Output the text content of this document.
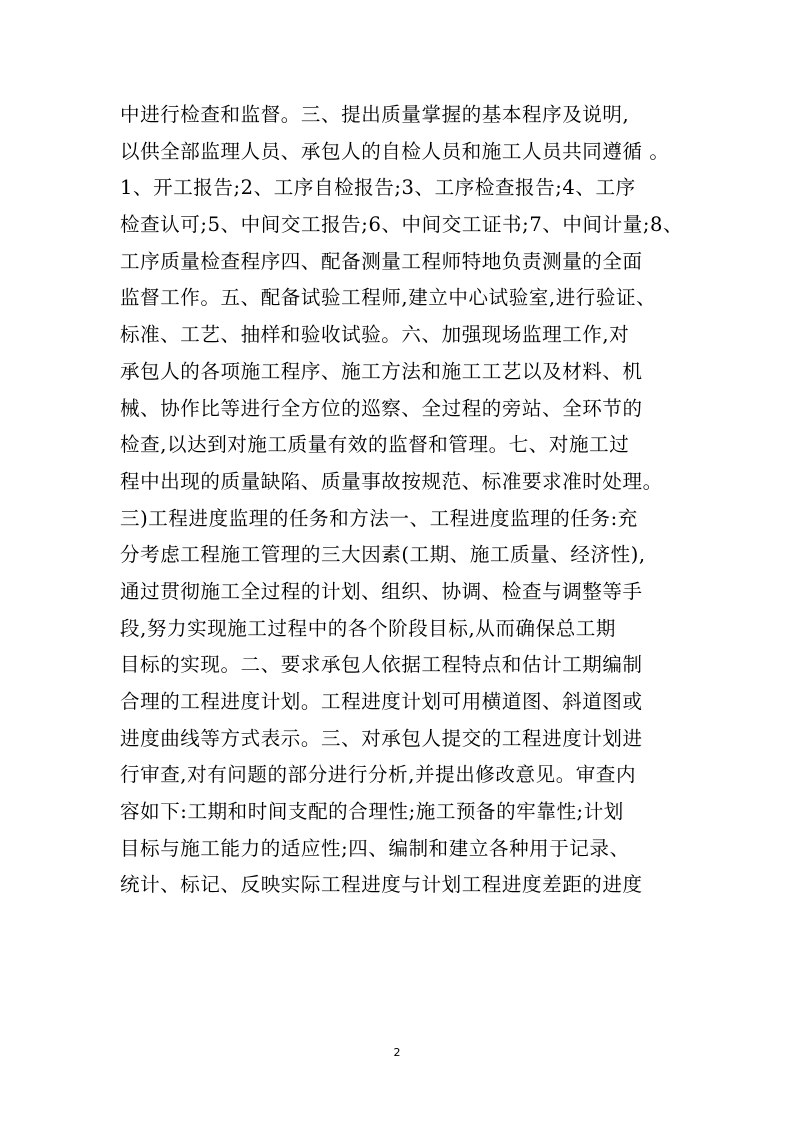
中进行检查和监督。三、提出质量掌握的基本程序及说明,
以供全部监理人员、承包人的自检人员和施工人员共同遵循 。
1、开工报告;2、工序自检报告;3、工序检查报告;4、工序
检查认可;5、中间交工报告;6、中间交工证书;7、中间计量;8、
工序质量检查程序四、配备测量工程师特地负责测量的全面
监督工作。五、配备试验工程师,建立中心试验室,进行验证、
标准、工艺、抽样和验收试验。六、加强现场监理工作,对
承包人的各项施工程序、施工方法和施工工艺以及材料、机
械、协作比等进行全方位的巡察、全过程的旁站、全环节的
检查,以达到对施工质量有效的监督和管理。七、对施工过
程中出现的质量缺陷、质量事故按规范、标准要求准时处理。
三)工程进度监理的任务和方法一、工程进度监理的任务:充
分考虑工程施工管理的三大因素(工期、施工质量、经济性),
通过贯彻施工全过程的计划、组织、协调、检查与调整等手
段,努力实现施工过程中的各个阶段目标,从而确保总工期
目标的实现。二、要求承包人依据工程特点和估计工期编制
合理的工程进度计划。工程进度计划可用横道图、斜道图或
进度曲线等方式表示。三、对承包人提交的工程进度计划进
行审查,对有问题的部分进行分析,并提出修改意见。审查内
容如下:工期和时间支配的合理性;施工预备的牢靠性;计划
目标与施工能力的适应性;四、编制和建立各种用于记录、
统计、标记、反映实际工程进度与计划工程进度差距的进度
2
